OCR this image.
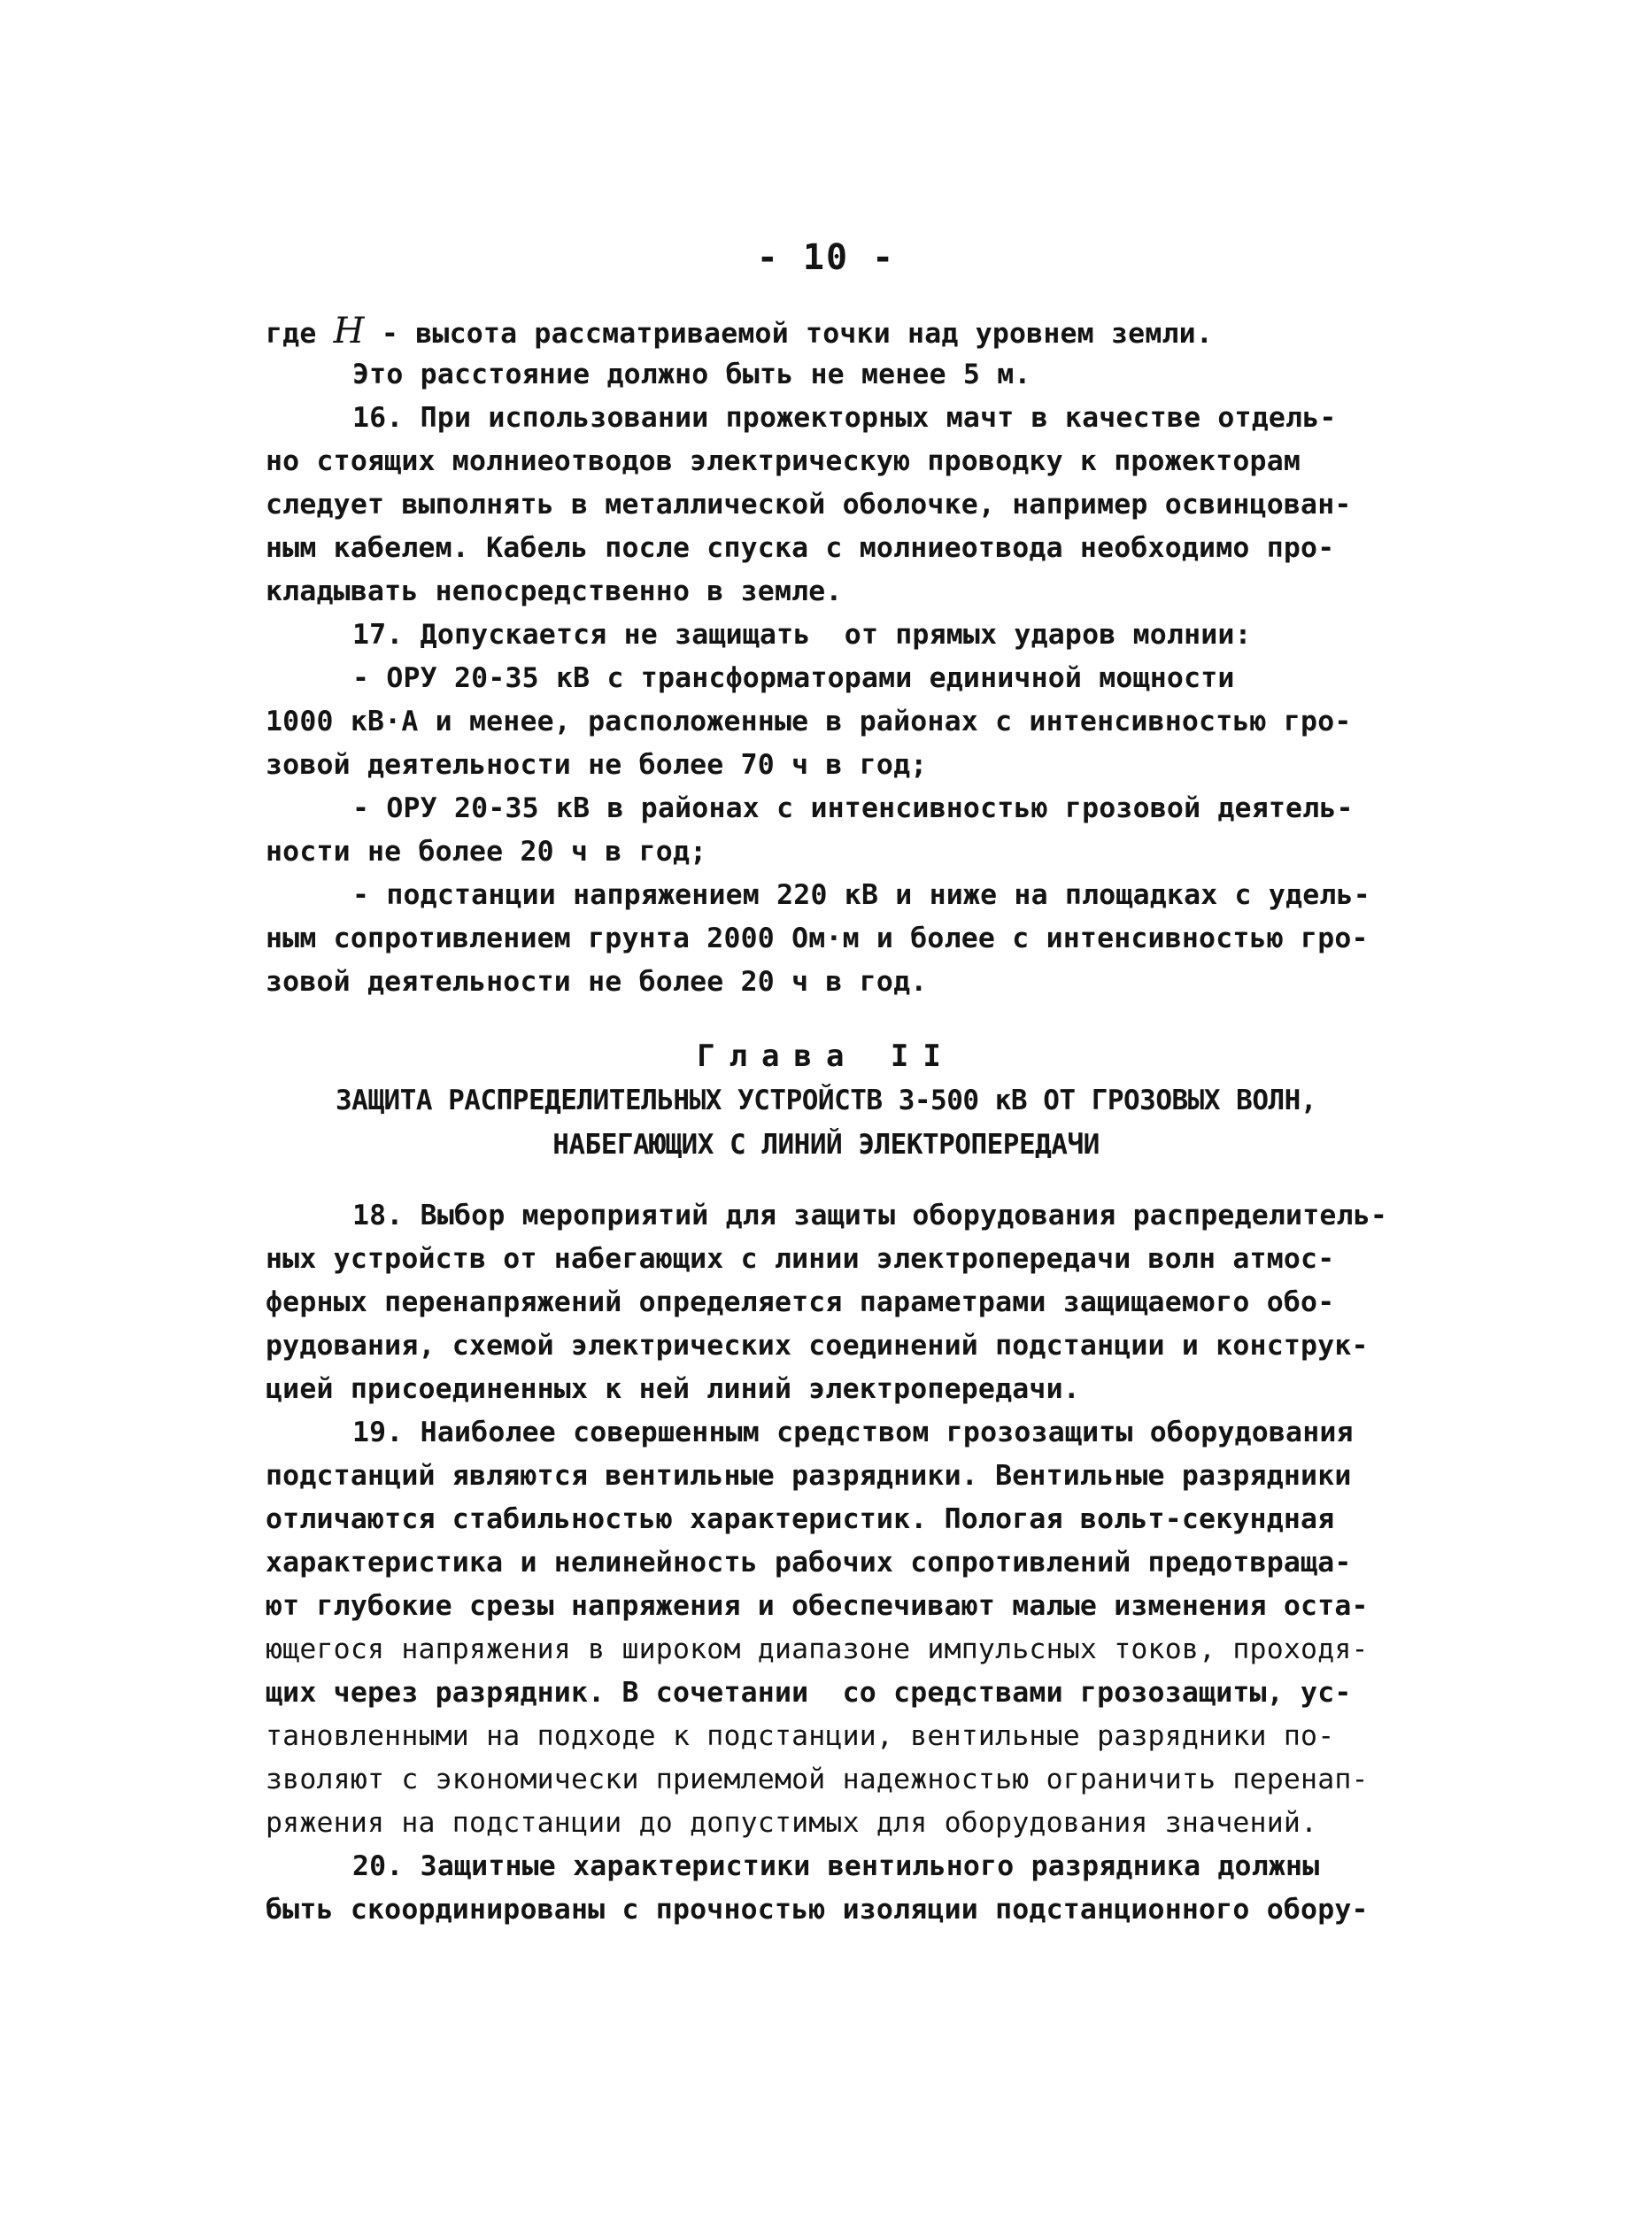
- 10 -

где H - высота рассматриваемой точки над уровнем земли.

Это расстояние должно быть не менее 5 м.

16. При использовании прожекторных мачт в качестве отдель-

но стоящих молниеотводов электрическую проводку к прожекторам

следует выполнять в металлической оболочке, например освинцован-

ным кабелем. Кабель после спуска с молниеотвода необходимо про-

кладывать непосредственно в земле.

17. Допускается не защищать  от прямых ударов молнии:

- ОРУ 20-35 кВ с трансформаторами единичной мощности

1000 кВ·А и менее, расположенные в районах с интенсивностью гро-

зовой деятельности не более 70 ч в год;

- ОРУ 20-35 кВ в районах с интенсивностью грозовой деятель-

ности не более 20 ч в год;

- подстанции напряжением 220 кВ и ниже на площадках с удель-

ным сопротивлением грунта 2000 Ом·м и более с интенсивностью гро-

зовой деятельности не более 20 ч в год.

Глава II

ЗАЩИТА РАСПРЕДЕЛИТЕЛЬНЫХ УСТРОЙСТВ 3-500 кВ ОТ ГРОЗОВЫХ ВОЛН,
НАБЕГАЮЩИХ С ЛИНИЙ ЭЛЕКТРОПЕРЕДАЧИ

18. Выбор мероприятий для защиты оборудования распределитель-

ных устройств от набегающих с линии электропередачи волн атмос-

ферных перенапряжений определяется параметрами защищаемого обо-

рудования, схемой электрических соединений подстанции и конструк-

цией присоединенных к ней линий электропередачи.

19. Наиболее совершенным средством грозозащиты оборудования

подстанций являются вентильные разрядники. Вентильные разрядники

отличаются стабильностью характеристик. Пологая вольт-секундная

характеристика и нелинейность рабочих сопротивлений предотвраща-

ют глубокие срезы напряжения и обеспечивают малые изменения оста-

ющегося напряжения в широком диапазоне импульсных токов, проходя-

щих через разрядник. В сочетании  со средствами грозозащиты, ус-

тановленными на подходе к подстанции, вентильные разрядники по-

зволяют с экономически приемлемой надежностью ограничить перенап-

ряжения на подстанции до допустимых для оборудования значений.

20. Защитные характеристики вентильного разрядника должны

быть скоординированы с прочностью изоляции подстанционного обору-
